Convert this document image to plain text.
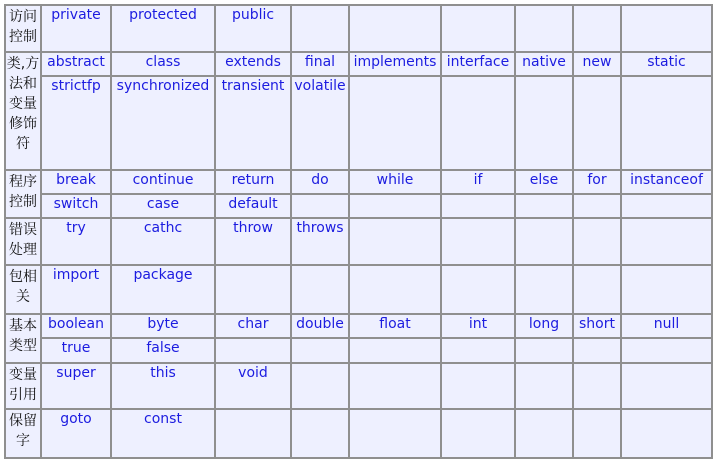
访问控制	private	protected	public						
类,方法和变量修饰符	abstract	class	extends	final	implements	interface	native	new	static
	strictfp	synchronized	transient	volatile					
程序控制	break	continue	return	do	while	if	else	for	instanceof
	switch	case	default						
错误处理	try	cathc	throw	throws					
包相关	import	package							
基本类型	boolean	byte	char	double	float	int	long	short	null
	true	false							
变量引用	super	this	void						
保留字	goto	const							
